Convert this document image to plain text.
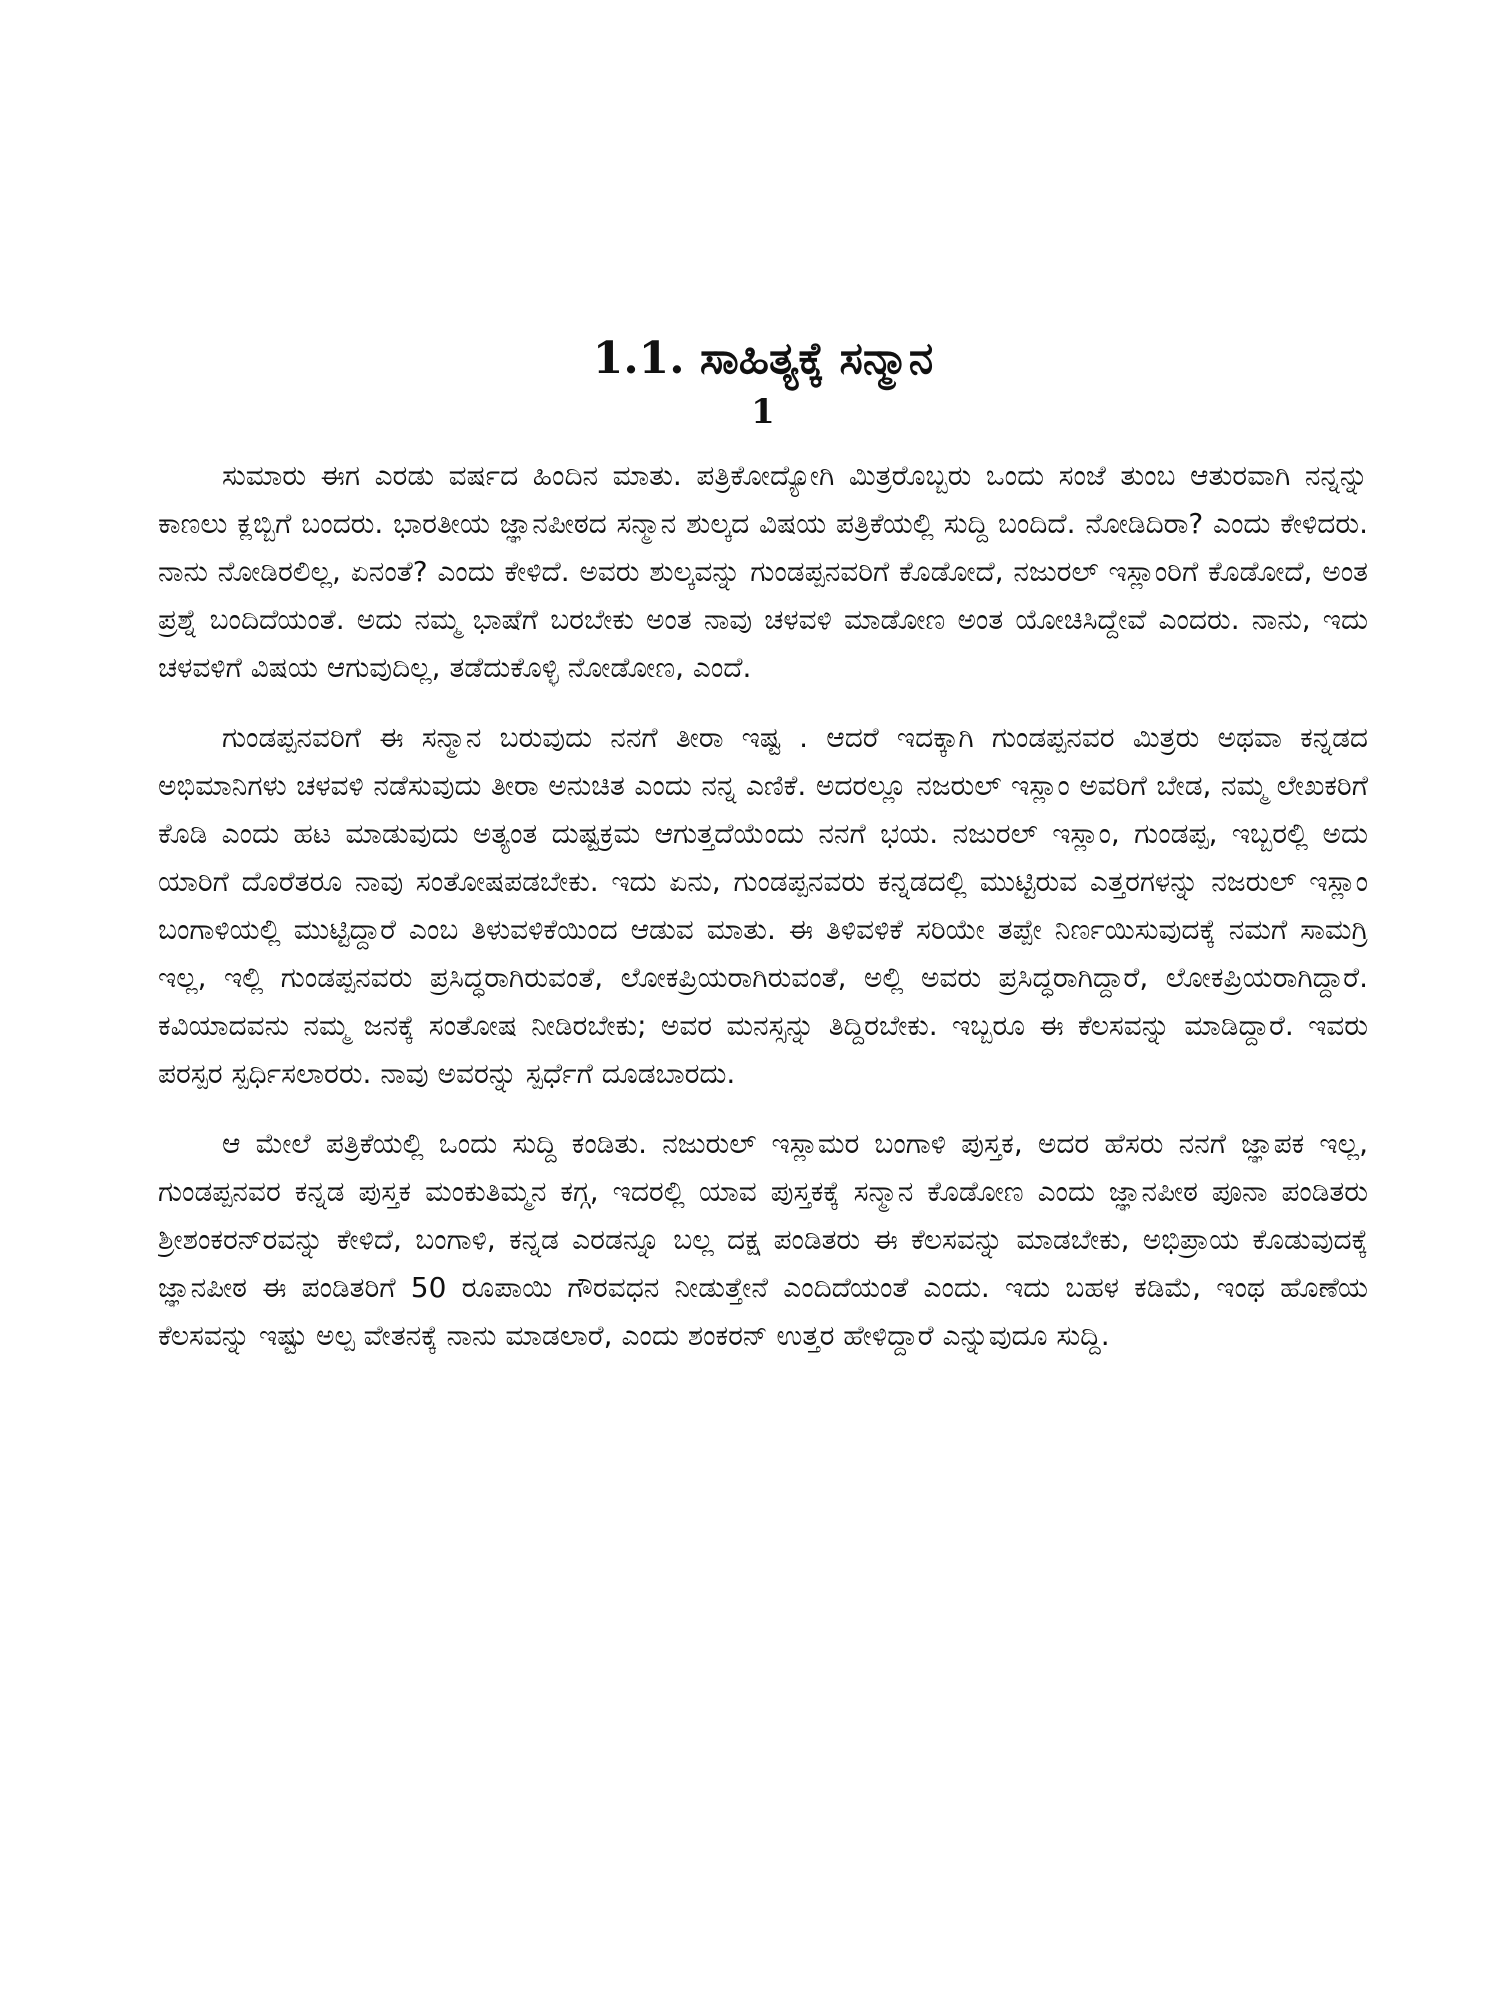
1.1. ಸಾಹಿತ್ಯಕ್ಕೆ ಸನ್ಮಾನ
1

ಸುಮಾರು ಈಗ ಎರಡು ವರ್ಷದ ಹಿಂದಿನ ಮಾತು. ಪತ್ರಿಕೋದ್ಯೋಗಿ ಮಿತ್ರರೊಬ್ಬರು ಒಂದು ಸಂಜೆ ತುಂಬ ಆತುರವಾಗಿ ನನ್ನನ್ನು ಕಾಣಲು ಕ್ಲಬ್ಬಿಗೆ ಬಂದರು. ಭಾರತೀಯ ಜ್ಞಾನಪೀಠದ ಸನ್ಮಾನ ಶುಲ್ಕದ ವಿಷಯ ಪತ್ರಿಕೆಯಲ್ಲಿ ಸುದ್ದಿ ಬಂದಿದೆ. ನೋಡಿದಿರಾ? ಎಂದು ಕೇಳಿದರು. ನಾನು ನೋಡಿರಲಿಲ್ಲ, ಏನಂತೆ? ಎಂದು ಕೇಳಿದೆ. ಅವರು ಶುಲ್ಕವನ್ನು ಗುಂಡಪ್ಪನವರಿಗೆ ಕೊಡೋದೆ, ನಜುರಲ್ ಇಸ್ಲಾಂರಿಗೆ ಕೊಡೋದೆ, ಅಂತ ಪ್ರಶ್ನೆ ಬಂದಿದೆಯಂತೆ. ಅದು ನಮ್ಮ ಭಾಷೆಗೆ ಬರಬೇಕು ಅಂತ ನಾವು ಚಳವಳಿ ಮಾಡೋಣ ಅಂತ ಯೋಚಿಸಿದ್ದೇವೆ ಎಂದರು. ನಾನು, ಇದು ಚಳವಳಿಗೆ ವಿಷಯ ಆಗುವುದಿಲ್ಲ, ತಡೆದುಕೊಳ್ಳಿ ನೋಡೋಣ, ಎಂದೆ.

ಗುಂಡಪ್ಪನವರಿಗೆ ಈ ಸನ್ಮಾನ ಬರುವುದು ನನಗೆ ತೀರಾ ಇಷ್ಟ . ಆದರೆ ಇದಕ್ಕಾಗಿ ಗುಂಡಪ್ಪನವರ ಮಿತ್ರರು ಅಥವಾ ಕನ್ನಡದ ಅಭಿಮಾನಿಗಳು ಚಳವಳಿ ನಡೆಸುವುದು ತೀರಾ ಅನುಚಿತ ಎಂದು ನನ್ನ ಎಣಿಕೆ. ಅದರಲ್ಲೂ ನಜರುಲ್ ಇಸ್ಲಾಂ ಅವರಿಗೆ ಬೇಡ, ನಮ್ಮ ಲೇಖಕರಿಗೆ ಕೊಡಿ ಎಂದು ಹಟ ಮಾಡುವುದು ಅತ್ಯಂತ ದುಷ್ಟಕ್ರಮ ಆಗುತ್ತದೆಯೆಂದು ನನಗೆ ಭಯ. ನಜುರಲ್ ಇಸ್ಲಾಂ, ಗುಂಡಪ್ಪ, ಇಬ್ಬರಲ್ಲಿ ಅದು ಯಾರಿಗೆ ದೊರೆತರೂ ನಾವು ಸಂತೋಷಪಡಬೇಕು. ಇದು ಏನು, ಗುಂಡಪ್ಪನವರು ಕನ್ನಡದಲ್ಲಿ ಮುಟ್ಟಿರುವ ಎತ್ತರಗಳನ್ನು ನಜರುಲ್ ಇಸ್ಲಾಂ ಬಂಗಾಳಿಯಲ್ಲಿ ಮುಟ್ಟಿದ್ದಾರೆ ಎಂಬ ತಿಳುವಳಿಕೆಯಿಂದ ಆಡುವ ಮಾತು. ಈ ತಿಳಿವಳಿಕೆ ಸರಿಯೇ ತಪ್ಪೇ ನಿರ್ಣಯಿಸುವುದಕ್ಕೆ ನಮಗೆ ಸಾಮಗ್ರಿ ಇಲ್ಲ, ಇಲ್ಲಿ ಗುಂಡಪ್ಪನವರು ಪ್ರಸಿದ್ಧರಾಗಿರುವಂತೆ, ಲೋಕಪ್ರಿಯರಾಗಿರುವಂತೆ, ಅಲ್ಲಿ ಅವರು ಪ್ರಸಿದ್ಧರಾಗಿದ್ದಾರೆ, ಲೋಕಪ್ರಿಯರಾಗಿದ್ದಾರೆ. ಕವಿಯಾದವನು ನಮ್ಮ ಜನಕ್ಕೆ ಸಂತೋಷ ನೀಡಿರಬೇಕು; ಅವರ ಮನಸ್ಸನ್ನು ತಿದ್ದಿರಬೇಕು. ಇಬ್ಬರೂ ಈ ಕೆಲಸವನ್ನು ಮಾಡಿದ್ದಾರೆ. ಇವರು ಪರಸ್ಪರ ಸ್ಪರ್ಧಿಸಲಾರರು. ನಾವು ಅವರನ್ನು ಸ್ಪರ್ಧೆಗೆ ದೂಡಬಾರದು.

ಆ ಮೇಲೆ ಪತ್ರಿಕೆಯಲ್ಲಿ ಒಂದು ಸುದ್ದಿ ಕಂಡಿತು. ನಜುರುಲ್ ಇಸ್ಲಾಮರ ಬಂಗಾಳಿ ಪುಸ್ತಕ, ಅದರ ಹೆಸರು ನನಗೆ ಜ್ಞಾಪಕ ಇಲ್ಲ, ಗುಂಡಪ್ಪನವರ ಕನ್ನಡ ಪುಸ್ತಕ ಮಂಕುತಿಮ್ಮನ ಕಗ್ಗ, ಇದರಲ್ಲಿ ಯಾವ ಪುಸ್ತಕಕ್ಕೆ ಸನ್ಮಾನ ಕೊಡೋಣ ಎಂದು ಜ್ಞಾನಪೀಠ ಪೂನಾ ಪಂಡಿತರು ಶ್ರೀಶಂಕರನ್‌ರವನ್ನು ಕೇಳಿದೆ, ಬಂಗಾಳಿ, ಕನ್ನಡ ಎರಡನ್ನೂ ಬಲ್ಲ ದಕ್ಷ ಪಂಡಿತರು ಈ ಕೆಲಸವನ್ನು ಮಾಡಬೇಕು, ಅಭಿಪ್ರಾಯ ಕೊಡುವುದಕ್ಕೆ ಜ್ಞಾನಪೀಠ ಈ ಪಂಡಿತರಿಗೆ 50 ರೂಪಾಯಿ ಗೌರವಧನ ನೀಡುತ್ತೇನೆ ಎಂದಿದೆಯಂತೆ ಎಂದು. ಇದು ಬಹಳ ಕಡಿಮೆ, ಇಂಥ ಹೊಣೆಯ ಕೆಲಸವನ್ನು ಇಷ್ಟು ಅಲ್ಪ ವೇತನಕ್ಕೆ ನಾನು ಮಾಡಲಾರೆ, ಎಂದು ಶಂಕರನ್ ಉತ್ತರ ಹೇಳಿದ್ದಾರೆ ಎನ್ನುವುದೂ ಸುದ್ದಿ.
